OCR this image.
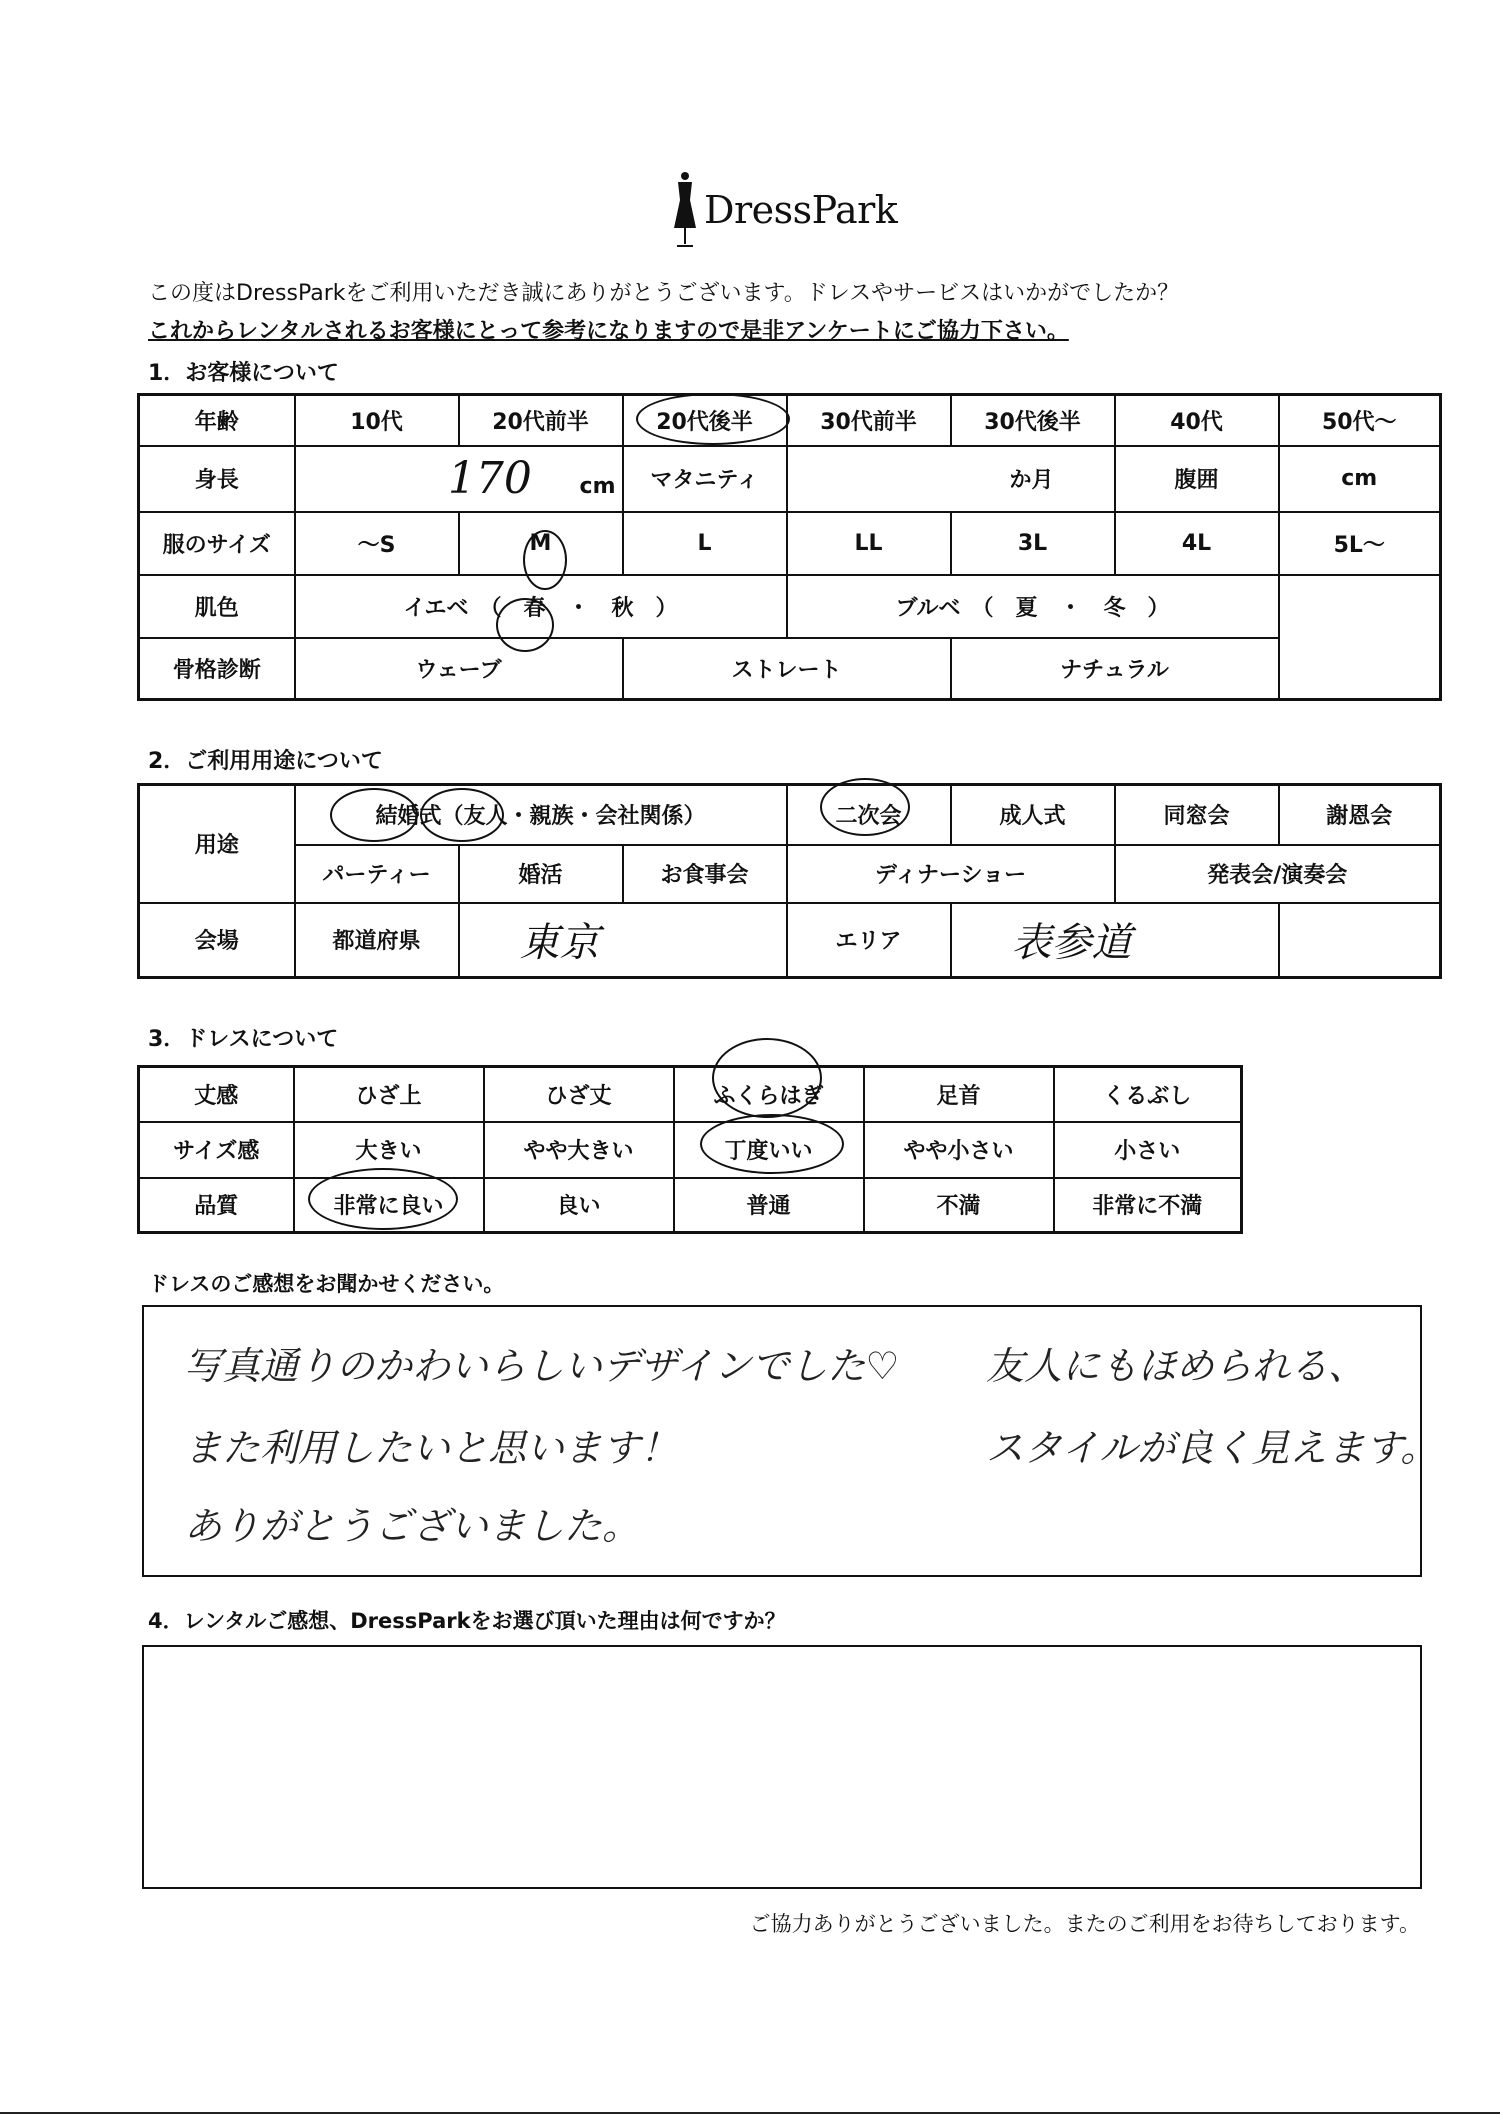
DressPark
この度はDressParkをご利用いただき誠にありがとうございます。ドレスやサービスはいかがでしたか？
これからレンタルされるお客様にとって参考になりますので是非アンケートにご協力下さい。
1．お客様について
年齢	10代	20代前半	20代後半	30代前半	30代後半	40代	50代～
身長	170 cm		マタニティ	か月		腹囲	cm
服のサイズ	～S	M	L	LL	3L	4L	5L～
肌色	イエベ　（　春　・　秋　）			ブルベ　（　夏　・　冬　）			
骨格診断	ウェーブ		ストレート		ナチュラル		
2．ご利用用途について
用途	結婚式（友人・親族・会社関係）			二次会	成人式	同窓会	謝恩会
	パーティー	婚活	お食事会	ディナーショー		発表会/演奏会	
会場	都道府県	東京		エリア	表参道		
3．ドレスについて
丈感	ひざ上	ひざ丈	ふくらはぎ	足首	くるぶし
サイズ感	大きい	やや大きい	丁度いい	やや小さい	小さい
品質	非常に良い	良い	普通	不満	非常に不満
ドレスのご感想をお聞かせください。
写真通りのかわいらしいデザインでした♡ 友人にもほめられる、
また利用したいと思います！	スタイルが良く見えます。
ありがとうございました。
4．レンタルご感想、DressParkをお選び頂いた理由は何ですか？
ご協力ありがとうございました。またのご利用をお待ちしております。
